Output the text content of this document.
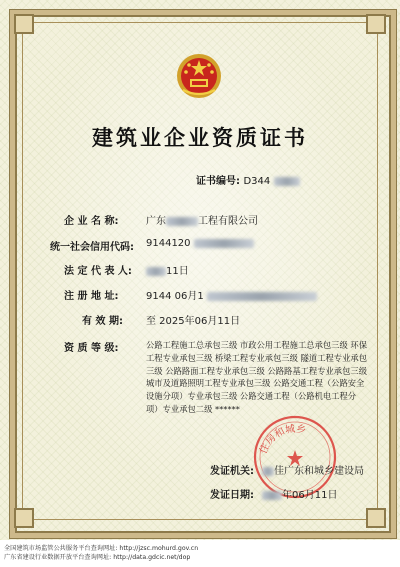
建筑业企业资质证书
证书编号: D344
企 业 名 称:	广东	工程有限公司
统一社会信用代码: 9144120
法 定 代 表 人:	11日
注 册 地 址:	9144 06月1
有 效 期: 至 2025年06月11日
资 质 等 级:	公路工程施工总承包三级 市政公用工程施工总承包三级 环保工程专业承包三级 桥梁工程专业承包三级 隧道工程专业承包三级 公路路面工程专业承包三级 公路路基工程专业承包三级 城市及道路照明工程专业承包三级 公路交通工程（公路安全设施分项）专业承包三级 公路交通工程（公路机电工程分项）专业承包二级 ******
住房和城乡
发证机关:	佳广东和城乡建设局
发证日期:	年06月11日
全国建筑市场监管公共服务平台查询网址: http://jzsc.mohurd.gov.cn
广东省建设行业数据开放平台查询网址: http://data.gdcic.net/dop
